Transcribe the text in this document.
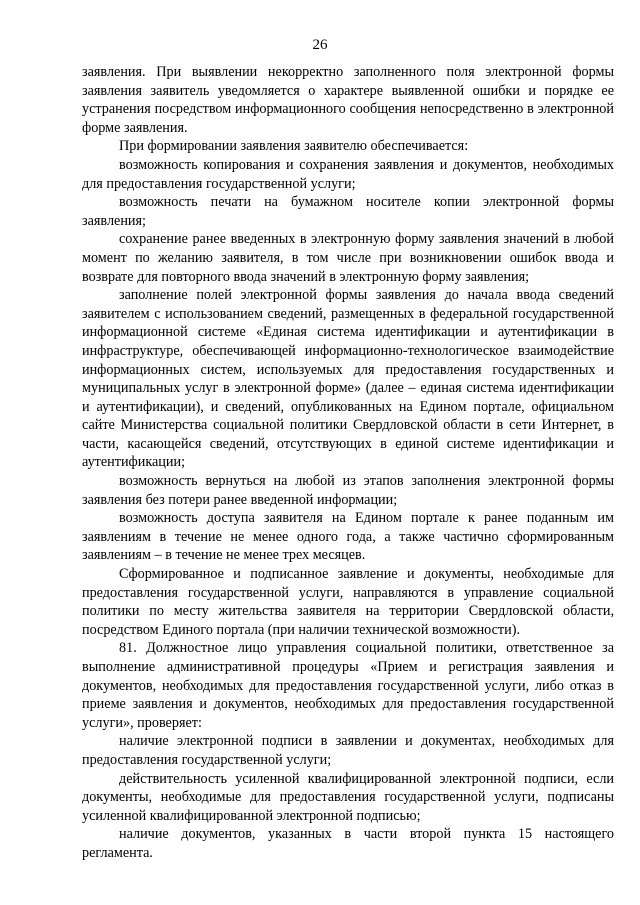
26

заявления. При выявлении некорректно заполненного поля электронной формы заявления заявитель уведомляется о характере выявленной ошибки и порядке ее устранения посредством информационного сообщения непосредственно в электронной форме заявления.

При формировании заявления заявителю обеспечивается:

возможность копирования и сохранения заявления и документов, необходимых для предоставления государственной услуги;

возможность печати на бумажном носителе копии электронной формы заявления;

сохранение ранее введенных в электронную форму заявления значений в любой момент по желанию заявителя, в том числе при возникновении ошибок ввода и возврате для повторного ввода значений в электронную форму заявления;

заполнение полей электронной формы заявления до начала ввода сведений заявителем с использованием сведений, размещенных в федеральной государственной информационной системе «Единая система идентификации и аутентификации в инфраструктуре, обеспечивающей информационно-технологическое взаимодействие информационных систем, используемых для предоставления государственных и муниципальных услуг в электронной форме» (далее – единая система идентификации и аутентификации), и сведений, опубликованных на Едином портале, официальном сайте Министерства социальной политики Свердловской области в сети Интернет, в части, касающейся сведений, отсутствующих в единой системе идентификации и аутентификации;

возможность вернуться на любой из этапов заполнения электронной формы заявления без потери ранее введенной информации;

возможность доступа заявителя на Едином портале к ранее поданным им заявлениям в течение не менее одного года, а также частично сформированным заявлениям – в течение не менее трех месяцев.

Сформированное и подписанное заявление и документы, необходимые для предоставления государственной услуги, направляются в управление социальной политики по месту жительства заявителя на территории Свердловской области, посредством Единого портала (при наличии технической возможности).

81. Должностное лицо управления социальной политики, ответственное за выполнение административной процедуры «Прием и регистрация заявления и документов, необходимых для предоставления государственной услуги, либо отказ в приеме заявления и документов, необходимых для предоставления государственной услуги», проверяет:

наличие электронной подписи в заявлении и документах, необходимых для предоставления государственной услуги;

действительность усиленной квалифицированной электронной подписи, если документы, необходимые для предоставления государственной услуги, подписаны усиленной квалифицированной электронной подписью;

наличие документов, указанных в части второй пункта 15 настоящего регламента.
